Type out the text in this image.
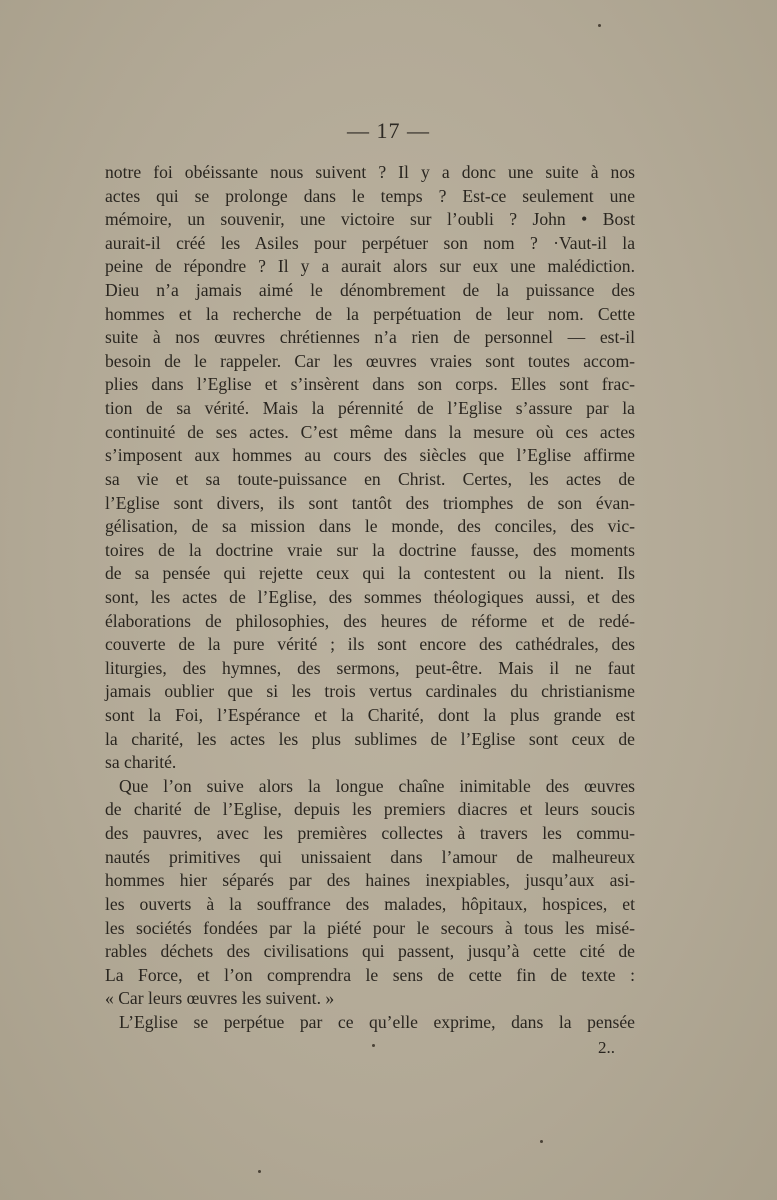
— 17 —
notre foi obéissante nous suivent ? Il y a donc une suite à nos
actes qui se prolonge dans le temps ? Est-ce seulement une
mémoire, un souvenir, une victoire sur l’oubli ? John • Bost
aurait-il créé les Asiles pour perpétuer son nom ? ·Vaut-il la
peine de répondre ? Il y a aurait alors sur eux une malédiction.
Dieu n’a jamais aimé le dénombrement de la puissance des
hommes et la recherche de la perpétuation de leur nom. Cette
suite à nos œuvres chrétiennes n’a rien de personnel — est-il
besoin de le rappeler. Car les œuvres vraies sont toutes accom-
plies dans l’Eglise et s’insèrent dans son corps. Elles sont frac-
tion de sa vérité. Mais la pérennité de l’Eglise s’assure par la
continuité de ses actes. C’est même dans la mesure où ces actes
s’imposent aux hommes au cours des siècles que l’Eglise affirme
sa vie et sa toute-puissance en Christ. Certes, les actes de
l’Eglise sont divers, ils sont tantôt des triomphes de son évan-
gélisation, de sa mission dans le monde, des conciles, des vic-
toires de la doctrine vraie sur la doctrine fausse, des moments
de sa pensée qui rejette ceux qui la contestent ou la nient. Ils
sont, les actes de l’Eglise, des sommes théologiques aussi, et des
élaborations de philosophies, des heures de réforme et de redé-
couverte de la pure vérité ; ils sont encore des cathédrales, des
liturgies, des hymnes, des sermons, peut-être. Mais il ne faut
jamais oublier que si les trois vertus cardinales du christianisme
sont la Foi, l’Espérance et la Charité, dont la plus grande est
la charité, les actes les plus sublimes de l’Eglise sont ceux de
sa charité.
Que l’on suive alors la longue chaîne inimitable des œuvres
de charité de l’Eglise, depuis les premiers diacres et leurs soucis
des pauvres, avec les premières collectes à travers les commu-
nautés primitives qui unissaient dans l’amour de malheureux
hommes hier séparés par des haines inexpiables, jusqu’aux asi-
les ouverts à la souffrance des malades, hôpitaux, hospices, et
les sociétés fondées par la piété pour le secours à tous les misé-
rables déchets des civilisations qui passent, jusqu’à cette cité de
La Force, et l’on comprendra le sens de cette fin de texte :
« Car leurs œuvres les suivent. »
L’Eglise se perpétue par ce qu’elle exprime, dans la pensée
2..
